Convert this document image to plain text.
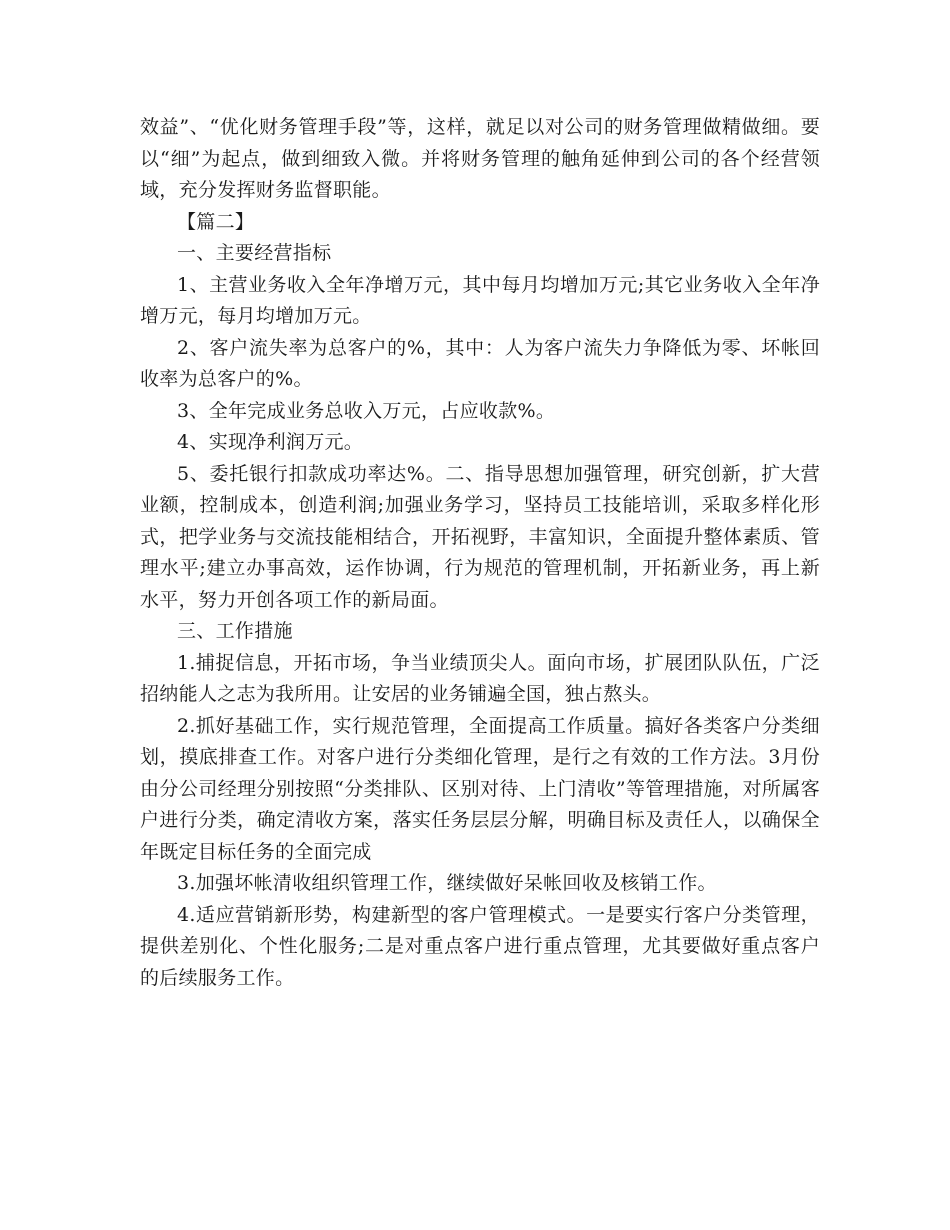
效益”、“优化财务管理手段”等，这样，就足以对公司的财务管理做精做细。要以“细”为起点，做到细致入微。并将财务管理的触角延伸到公司的各个经营领域，充分发挥财务监督职能。

【篇二】

一、主要经营指标

1、主营业务收入全年净增万元，其中每月均增加万元;其它业务收入全年净增万元，每月均增加万元。

2、客户流失率为总客户的%，其中：人为客户流失力争降低为零、坏帐回收率为总客户的%。

3、全年完成业务总收入万元，占应收款%。

4、实现净利润万元。

5、委托银行扣款成功率达%。二、指导思想加强管理，研究创新，扩大营业额，控制成本，创造利润;加强业务学习，坚持员工技能培训，采取多样化形式，把学业务与交流技能相结合，开拓视野，丰富知识，全面提升整体素质、管理水平;建立办事高效，运作协调，行为规范的管理机制，开拓新业务，再上新水平，努力开创各项工作的新局面。

三、工作措施

1.捕捉信息，开拓市场，争当业绩顶尖人。面向市场，扩展团队队伍，广泛招纳能人之志为我所用。让安居的业务铺遍全国，独占熬头。

2.抓好基础工作，实行规范管理，全面提高工作质量。搞好各类客户分类细划，摸底排查工作。对客户进行分类细化管理，是行之有效的工作方法。3月份由分公司经理分别按照“分类排队、区别对待、上门清收”等管理措施，对所属客户进行分类，确定清收方案，落实任务层层分解，明确目标及责任人，以确保全年既定目标任务的全面完成

3.加强坏帐清收组织管理工作，继续做好呆帐回收及核销工作。

4.适应营销新形势，构建新型的客户管理模式。一是要实行客户分类管理，提供差别化、个性化服务;二是对重点客户进行重点管理，尤其要做好重点客户的后续服务工作。
